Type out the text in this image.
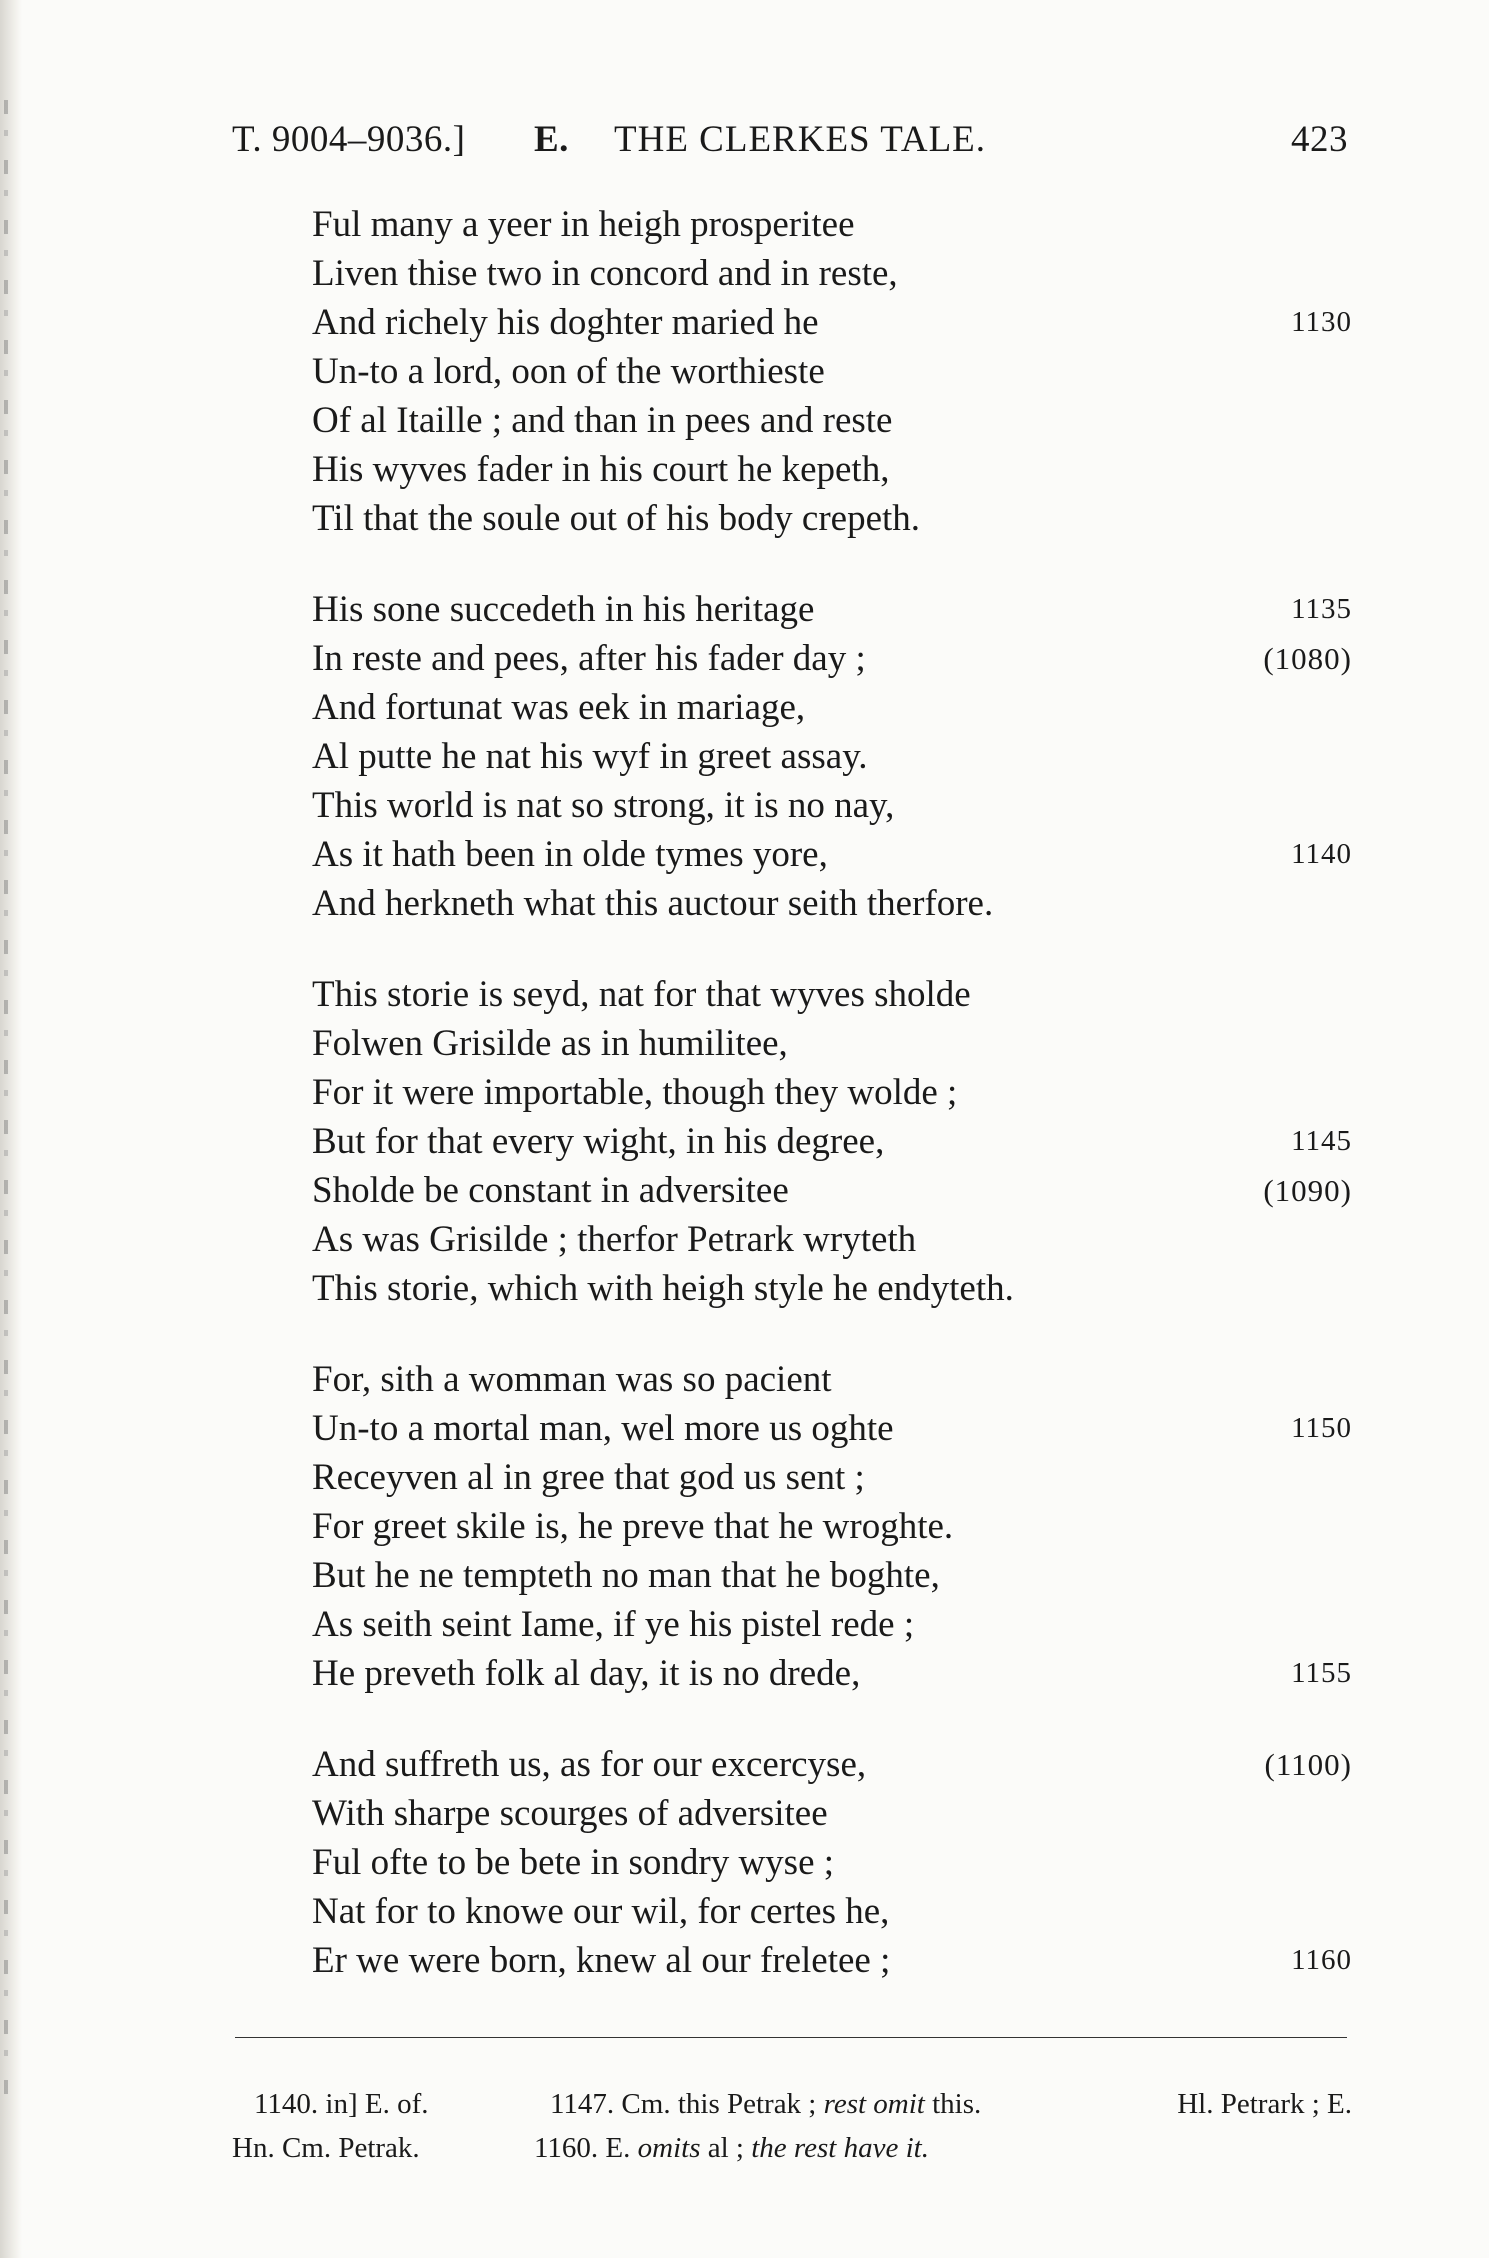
T. 9004–9036.] E. THE CLERKES TALE.	423
Ful many a yeer in heigh prosperitee
Liven thise two in concord and in reste,
And richely his doghter maried he	1130
Un-to a lord, oon of the worthieste
Of al Itaille ; and than in pees and reste
His wyves fader in his court he kepeth,
Til that the soule out of his body crepeth.
His sone succedeth in his heritage	1135
In reste and pees, after his fader day ;	(1080)
And fortunat was eek in mariage,
Al putte he nat his wyf in greet assay.
This world is nat so strong, it is no nay,
As it hath been in olde tymes yore,	1140
And herkneth what this auctour seith therfore.
This storie is seyd, nat for that wyves sholde
Folwen Grisilde as in humilitee,
For it were importable, though they wolde ;
But for that every wight, in his degree,	1145
Sholde be constant in adversitee	(1090)
As was Grisilde ; therfor Petrark wryteth
This storie, which with heigh style he endyteth.
For, sith a womman was so pacient
Un-to a mortal man, wel more us oghte	1150
Receyven al in gree that god us sent ;
For greet skile is, he preve that he wroghte.
But he ne tempteth no man that he boghte,
As seith seint Iame, if ye his pistel rede ;
He preveth folk al day, it is no drede,	1155
And suffreth us, as for our excercyse,	(1100)
With sharpe scourges of adversitee
Ful ofte to be bete in sondry wyse ;
Nat for to knowe our wil, for certes he,
Er we were born, knew al our freletee ;	1160
1140. in] E. of.	1147. Cm. this Petrak ; rest omit this.	Hl. Petrark ; E.
Hn. Cm. Petrak.	1160. E. omits al ; the rest have it.
